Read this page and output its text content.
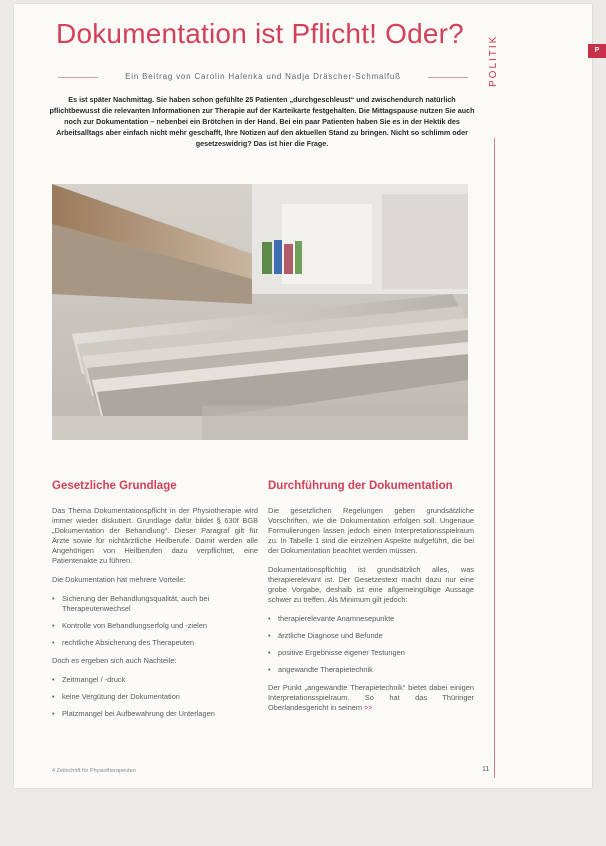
P
Dokumentation ist Pflicht! Oder?
Ein Beitrag von Carolin Halenka und Nadja Dräscher-Schmalfuß
Es ist später Nachmittag. Sie haben schon gefühlte 25 Patienten „durchgeschleust“ und zwischendurch natürlich pflichtbewusst die relevanten Informationen zur Therapie auf der Karteikarte festgehalten. Die Mittagspause nutzen Sie auch noch zur Dokumentation – nebenbei ein Brötchen in der Hand. Bei ein paar Patienten haben Sie es in der Hektik des Arbeitsalltags aber einfach nicht mehr geschafft, Ihre Notizen auf den aktuellen Stand zu bringen. Nicht so schlimm oder gesetzeswidrig? Das ist hier die Frage.
POLITIK
Gesetzliche Grundlage
Das Thema Dokumentationspflicht in der Physiotherapie wird immer wieder diskutiert. Grundlage dafür bildet § 630f BGB „Dokumentation der Behandlung“. Dieser Paragraf gilt für Ärzte sowie für nichtärztliche Heilberufe. Damit werden alle Angehörigen von Heilberufen dazu verpflichtet, eine Patientenakte zu führen.
Die Dokumentation hat mehrere Vorteile:
• Sicherung der Behandlungsqualität, auch bei Therapeutenwechsel
• Kontrolle von Behandlungserfolg und -zielen
• rechtliche Absicherung des Therapeuten
Doch es ergeben sich auch Nachteile:
• Zeitmangel / -druck
• keine Vergütung der Dokumentation
• Platzmangel bei Aufbewahrung der Unterlagen
Durchführung der Dokumentation
Die gesetzlichen Regelungen geben grundsätzliche Vorschriften, wie die Dokumentation erfolgen soll. Ungenaue Formulierungen lassen jedoch einen Interpretationsspielraum zu. In Tabelle 1 sind die einzelnen Aspekte aufgeführt, die bei der Dokumentation beachtet werden müssen.
Dokumentationspflichtig ist grundsätzlich alles, was therapierelevant ist. Der Gesetzestext macht dazu nur eine grobe Vorgabe, deshalb ist eine allgemeingültige Aussage schwer zu treffen. Als Minimum gilt jedoch:
• therapierelevante Anamnesepunkte
• ärztliche Diagnose und Befunde
• positive Ergebnisse eigener Testungen
• angewandte Therapietechnik
Der Punkt „angewandte Therapietechnik“ bietet dabei einigen Interpretationsspielraum. So hat das Thüringer Oberlandesgericht in seinem >>
4 Zeitschrift für Physiotherapeuten	11
